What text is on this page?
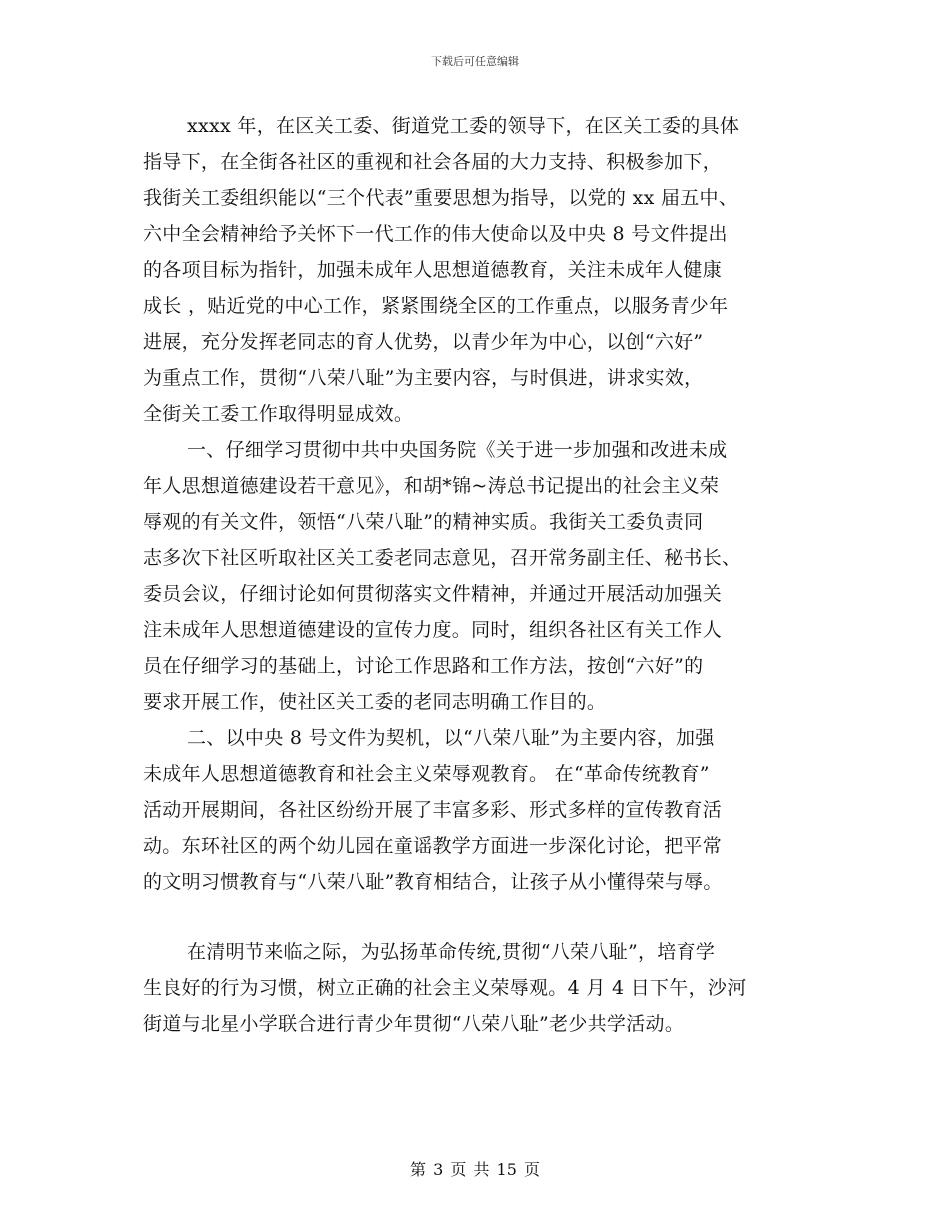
下载后可任意编辑
xxxx 年，在区关工委、街道党工委的领导下，在区关工委的具体
指导下，在全街各社区的重视和社会各届的大力支持、积极参加下，
我街关工委组织能以“三个代表”重要思想为指导，以党的 xx 届五中、
六中全会精神给予关怀下一代工作的伟大使命以及中央 8 号文件提出
的各项目标为指针，加强未成年人思想道德教育，关注未成年人健康
成长 ，贴近党的中心工作，紧紧围绕全区的工作重点，以服务青少年
进展，充分发挥老同志的育人优势，以青少年为中心，以创“六好”
为重点工作，贯彻“八荣八耻”为主要内容，与时俱进，讲求实效，
全街关工委工作取得明显成效。
一、仔细学习贯彻中共中央国务院《关于进一步加强和改进未成
年人思想道德建设若干意见》，和胡*锦~涛总书记提出的社会主义荣
辱观的有关文件，领悟“八荣八耻”的精神实质。我街关工委负责同
志多次下社区听取社区关工委老同志意见，召开常务副主任、秘书长、
委员会议，仔细讨论如何贯彻落实文件精神，并通过开展活动加强关
注未成年人思想道德建设的宣传力度。同时，组织各社区有关工作人
员在仔细学习的基础上，讨论工作思路和工作方法，按创“六好”的
要求开展工作，使社区关工委的老同志明确工作目的。
二、以中央 8 号文件为契机，以“八荣八耻”为主要内容，加强
未成年人思想道德教育和社会主义荣辱观教育。 在“革命传统教育”
活动开展期间，各社区纷纷开展了丰富多彩、形式多样的宣传教育活
动。东环社区的两个幼儿园在童谣教学方面进一步深化讨论，把平常
的文明习惯教育与“八荣八耻”教育相结合，让孩子从小懂得荣与辱。
在清明节来临之际，为弘扬革命传统,贯彻“八荣八耻”，培育学
生良好的行为习惯，树立正确的社会主义荣辱观。4 月 4 日下午，沙河
街道与北星小学联合进行青少年贯彻“八荣八耻”老少共学活动。
第 3 页 共 15 页
